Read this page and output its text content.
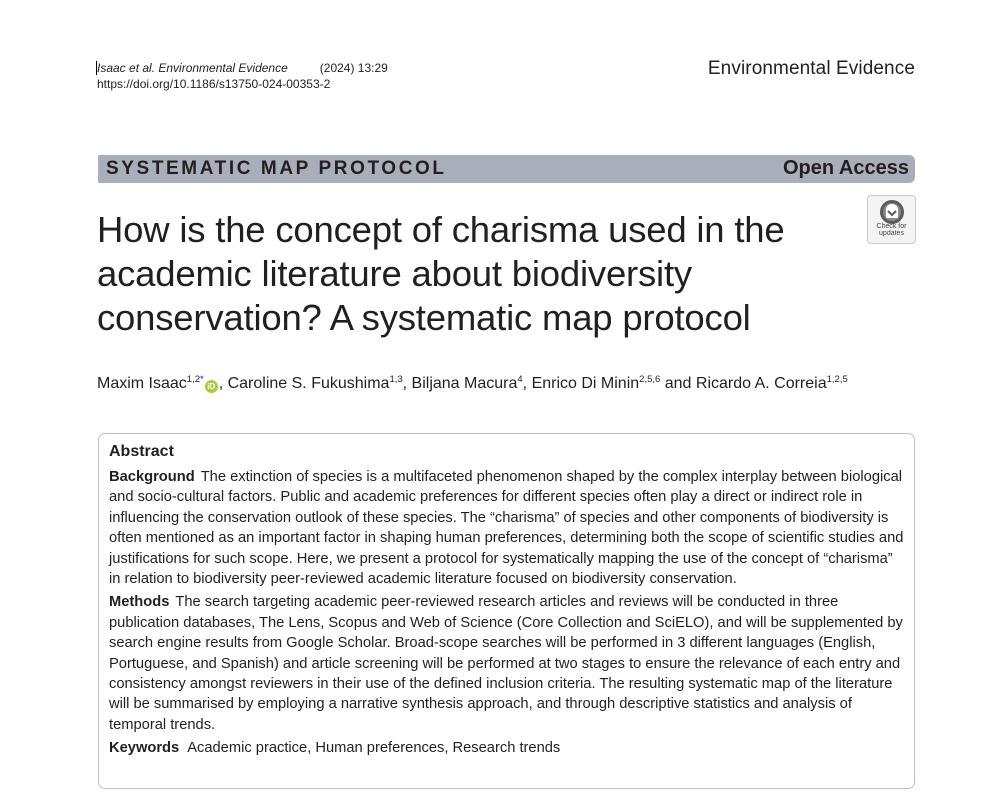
Isaac et al. Environmental Evidence	(2024) 13:29
https://doi.org/10.1186/s13750-024-00353-2
Environmental Evidence
SYSTEMATIC MAP PROTOCOL	Open Access
Check for
updates
How is the concept of charisma used in the academic literature about biodiversity conservation? A systematic map protocol
Maxim Isaac$^{1,2*}$iD , Caroline S. Fukushima$^{1,3}$, Biljana Macura$^4$, Enrico Di Minin$^{2,5,6}$ and Ricardo A. Correia$^{1,2,5}$
Abstract

Background The extinction of species is a multifaceted phenomenon shaped by the complex interplay between biological and socio-cultural factors. Public and academic preferences for different species often play a direct or indirect role in influencing the conservation outlook of these species. The “charisma” of species and other components of biodiversity is often mentioned as an important factor in shaping human preferences, determining both the scope of scientific studies and justifications for such scope. Here, we present a protocol for systematically mapping the use of the concept of “charisma” in relation to biodiversity peer-reviewed academic literature focused on biodiversity conservation.

Methods The search targeting academic peer-reviewed research articles and reviews will be conducted in three publication databases, The Lens, Scopus and Web of Science (Core Collection and SciELO), and will be supplemented by search engine results from Google Scholar. Broad-scope searches will be performed in 3 different languages (English, Portuguese, and Spanish) and article screening will be performed at two stages to ensure the relevance of each entry and consistency amongst reviewers in their use of the defined inclusion criteria. The resulting systematic map of the literature will be summarised by employing a narrative synthesis approach, and through descriptive statistics and analysis of temporal trends.

Keywords Academic practice, Human preferences, Research trends
